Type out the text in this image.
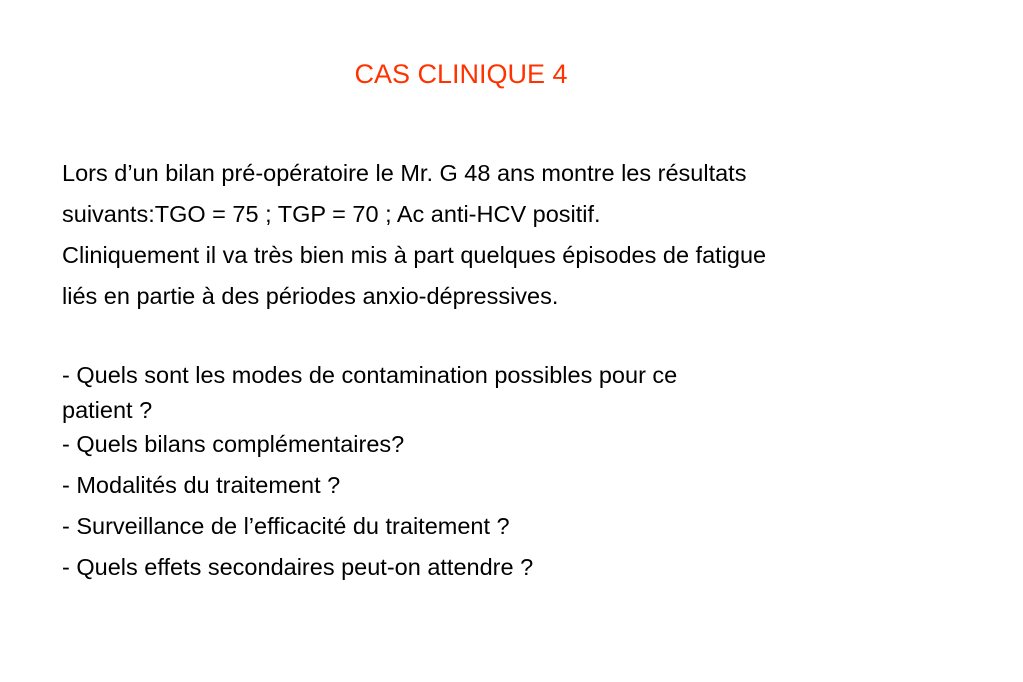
CAS CLINIQUE 4

Lors d’un bilan pré-opératoire le Mr. G 48 ans montre les résultats
suivants:TGO = 75 ; TGP = 70 ; Ac anti-HCV positif.
Cliniquement il va très bien mis à part quelques épisodes de fatigue
liés en partie à des périodes anxio-dépressives.

- Quels sont les modes de contamination possibles pour ce
patient ?
- Quels bilans complémentaires?
- Modalités du traitement ?
- Surveillance de l’efficacité du traitement ?
- Quels effets secondaires peut-on attendre ?
